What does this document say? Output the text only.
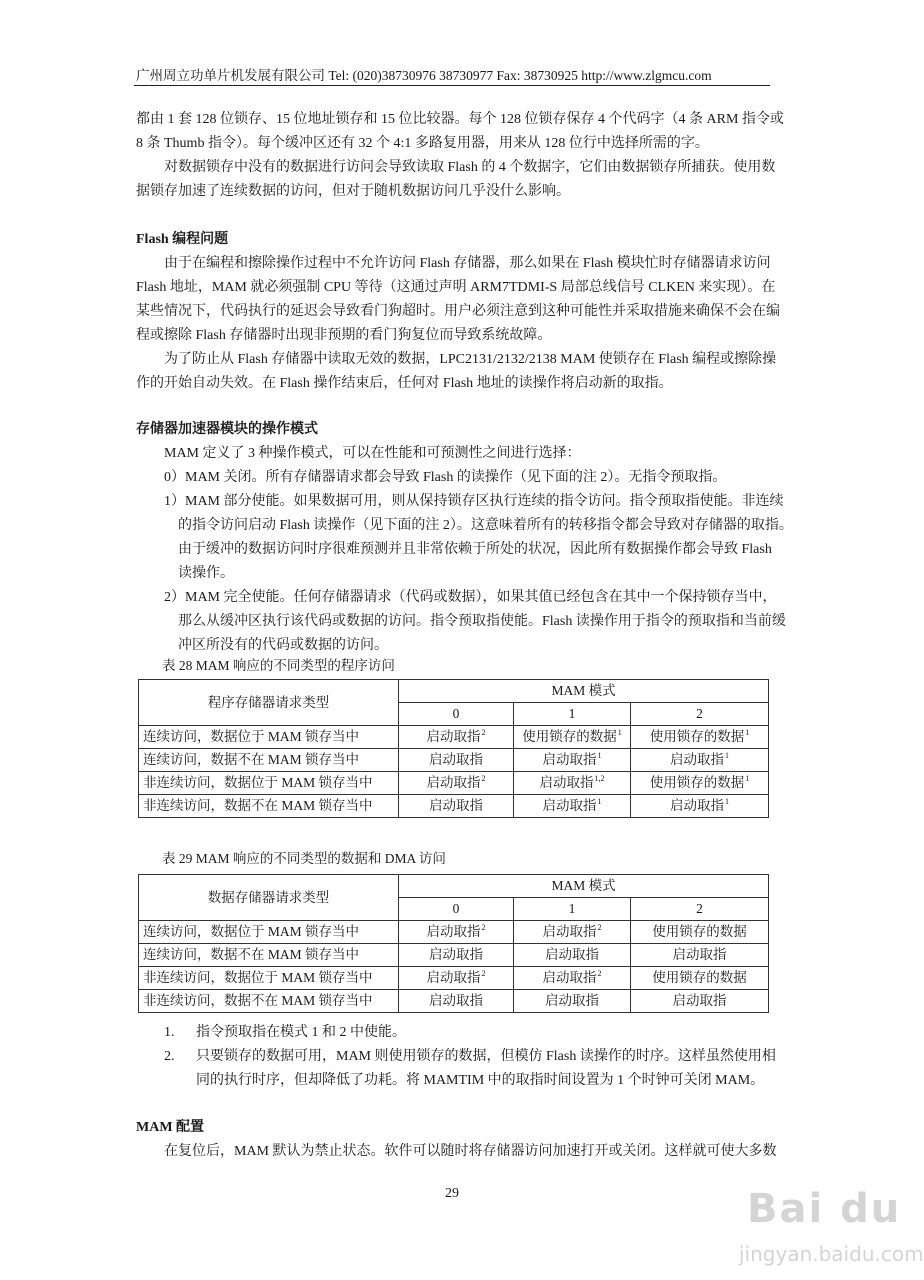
广州周立功单片机发展有限公司 Tel: (020)38730976 38730977 Fax: 38730925 http://www.zlgmcu.com
都由 1 套 128 位锁存、15 位地址锁存和 15 位比较器。每个 128 位锁存保存 4 个代码字（4 条 ARM 指令或
8 条 Thumb 指令）。每个缓冲区还有 32 个 4:1 多路复用器，用来从 128 位行中选择所需的字。
对数据锁存中没有的数据进行访问会导致读取 Flash 的 4 个数据字，它们由数据锁存所捕获。使用数
据锁存加速了连续数据的访问，但对于随机数据访问几乎没什么影响。
Flash 编程问题
由于在编程和擦除操作过程中不允许访问 Flash 存储器，那么如果在 Flash 模块忙时存储器请求访问
Flash 地址，MAM 就必须强制 CPU 等待（这通过声明 ARM7TDMI-S 局部总线信号 CLKEN 来实现）。在
某些情况下，代码执行的延迟会导致看门狗超时。用户必须注意到这种可能性并采取措施来确保不会在编
程或擦除 Flash 存储器时出现非预期的看门狗复位而导致系统故障。
为了防止从 Flash 存储器中读取无效的数据，LPC2131/2132/2138 MAM 使锁存在 Flash 编程或擦除操
作的开始自动失效。在 Flash 操作结束后，任何对 Flash 地址的读操作将启动新的取指。
存储器加速器模块的操作模式
MAM 定义了 3 种操作模式，可以在性能和可预测性之间进行选择：
0）MAM 关闭。所有存储器请求都会导致 Flash 的读操作（见下面的注 2）。无指令预取指。
1）MAM 部分使能。如果数据可用，则从保持锁存区执行连续的指令访问。指令预取指使能。非连续
的指令访问启动 Flash 读操作（见下面的注 2）。这意味着所有的转移指令都会导致对存储器的取指。
由于缓冲的数据访问时序很难预测并且非常依赖于所处的状况，因此所有数据操作都会导致 Flash
读操作。
2）MAM 完全使能。任何存储器请求（代码或数据），如果其值已经包含在其中一个保持锁存当中，
那么从缓冲区执行该代码或数据的访问。指令预取指使能。Flash 读操作用于指令的预取指和当前缓
冲区所没有的代码或数据的访问。
表 28 MAM 响应的不同类型的程序访问
程序存储器请求类型	MAM 模式		
	0	1	2
连续访问，数据位于 MAM 锁存当中	启动取指$^2$	使用锁存的数据$^1$	使用锁存的数据$^1$
连续访问，数据不在 MAM 锁存当中	启动取指	启动取指$^1$	启动取指$^1$
非连续访问，数据位于 MAM 锁存当中	启动取指$^2$	启动取指$^{1,2}$	使用锁存的数据$^1$
非连续访问，数据不在 MAM 锁存当中	启动取指	启动取指$^1$	启动取指$^1$
表 29 MAM 响应的不同类型的数据和 DMA 访问
数据存储器请求类型	MAM 模式		
	0	1	2
连续访问，数据位于 MAM 锁存当中	启动取指$^2$	启动取指$^2$	使用锁存的数据
连续访问，数据不在 MAM 锁存当中	启动取指	启动取指	启动取指
非连续访问，数据位于 MAM 锁存当中	启动取指$^2$	启动取指$^2$	使用锁存的数据
非连续访问，数据不在 MAM 锁存当中	启动取指	启动取指	启动取指
1.	指令预取指在模式 1 和 2 中使能。
2.	只要锁存的数据可用，MAM 则使用锁存的数据，但模仿 Flash 读操作的时序。这样虽然使用相
同的执行时序，但却降低了功耗。将 MAMTIM 中的取指时间设置为 1 个时钟可关闭 MAM。
MAM 配置
在复位后，MAM 默认为禁止状态。软件可以随时将存储器访问加速打开或关闭。这样就可使大多数
Bai du
jingyan.baidu.com
29
